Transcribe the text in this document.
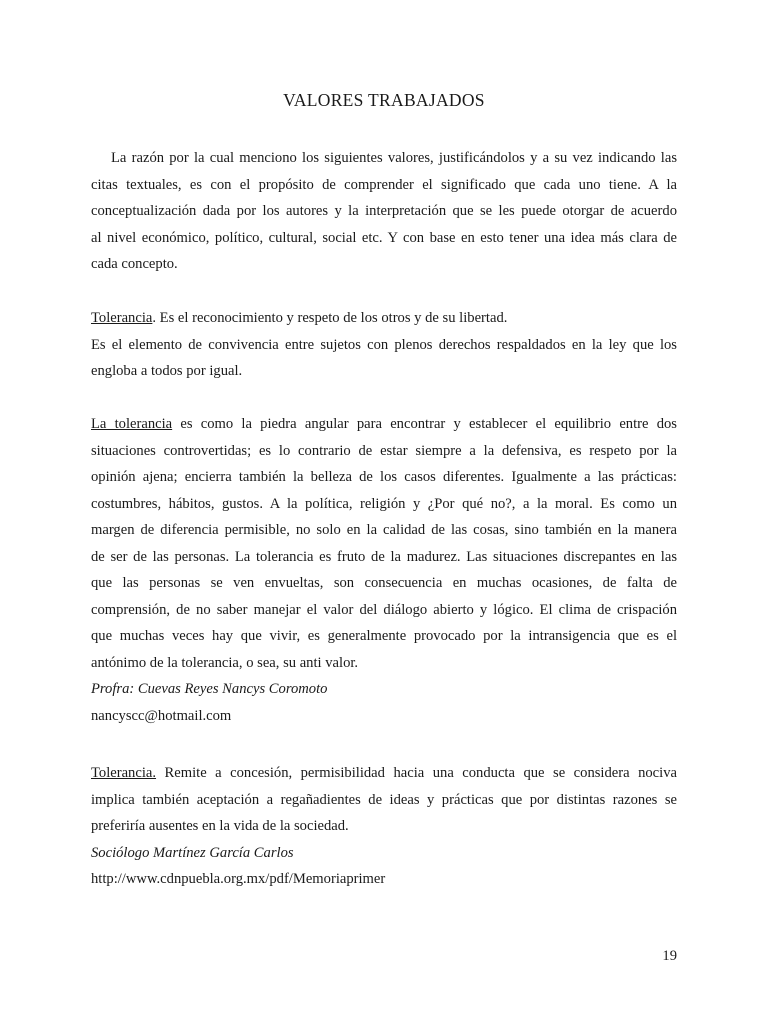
VALORES TRABAJADOS
La razón por la cual menciono los siguientes valores, justificándolos y a su vez indicando las
citas textuales, es con el propósito de comprender el significado que cada uno tiene. A la
conceptualización dada por los autores y la interpretación que se les puede otorgar de acuerdo
al nivel económico, político, cultural, social etc. Y con base en esto tener una idea más clara de
cada concepto.
Tolerancia. Es el reconocimiento y respeto de los otros y de su libertad.
Es el elemento de convivencia entre sujetos con plenos derechos respaldados en la ley que los
engloba a todos por igual.
La tolerancia es como la piedra angular para encontrar y establecer el equilibrio entre dos
situaciones controvertidas; es lo contrario de estar siempre a la defensiva, es respeto por la
opinión ajena; encierra también la belleza de los casos diferentes. Igualmente a las prácticas:
costumbres, hábitos, gustos. A la política, religión y ¿Por qué no?, a la moral. Es como un
margen de diferencia permisible, no solo en la calidad de las cosas, sino también en la manera
de ser de las personas. La tolerancia es fruto de la madurez. Las situaciones discrepantes en las
que las personas se ven envueltas, son consecuencia en muchas ocasiones, de falta de
comprensión, de no saber manejar el valor del diálogo abierto y lógico. El clima de crispación
que muchas veces hay que vivir, es generalmente provocado por la intransigencia que es el
antónimo de la tolerancia, o sea, su anti valor.
Profra: Cuevas Reyes Nancys Coromoto
nancyscc@hotmail.com
Tolerancia. Remite a concesión, permisibilidad hacia una conducta que se considera nociva
implica también aceptación a regañadientes de ideas y prácticas que por distintas razones se
preferiría ausentes en la vida de la sociedad.
Sociólogo Martínez García Carlos
http://www.cdnpuebla.org.mx/pdf/Memoriaprimer
19
